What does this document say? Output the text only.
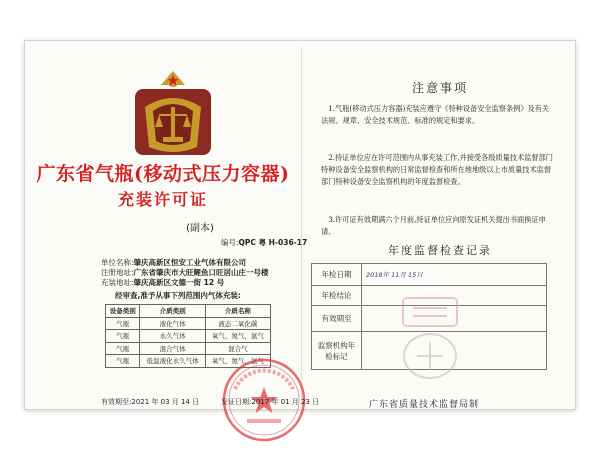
广东省气瓶(移动式压力容器)
充装许可证
(副本)
编号:QPC 粤 H-036-17
单位名称:肇庆高新区恒安工业气体有限公司
注册地址:广东省肇庆市大旺鲤鱼口旺居山庄一号楼
充装地址:肇庆高新区文德一街 12 号
经审查,准予从事下列范围内气体充装:
设备类别	介质类别	介质名称
气瓶	液化气体	液态二氧化碳
气瓶	永久气体	氧气、氮气、氩气
气瓶	混合气体	混合气
气瓶	低温液化永久气体	氧气、氮气、氩气
有效期至:2021 年 03 月 14 日	发证日期:2017 年 01 月 23 日
注意事项
1.气瓶(移动式压力容器)充装应遵守《特种设备安全监察条例》及有关法规、规章、安全技术规范、标准的规定和要求。
2.持证单位应在许可范围内从事充装工作,并接受各级质量技术监督部门特种设备安全监察机构的日常监督检查和所在地地级以上市质量技术监督部门特种设备安全监察机构的年度监督检查。
3.许可证有效期满六个月前,持证单位应向原发证机关提出书面换证申请。
年度监督检查记录
年检日期	2018年 11月 15日
年检结论	
有效期至	
监察机构年检标记	
广东省质量技术监督局制
